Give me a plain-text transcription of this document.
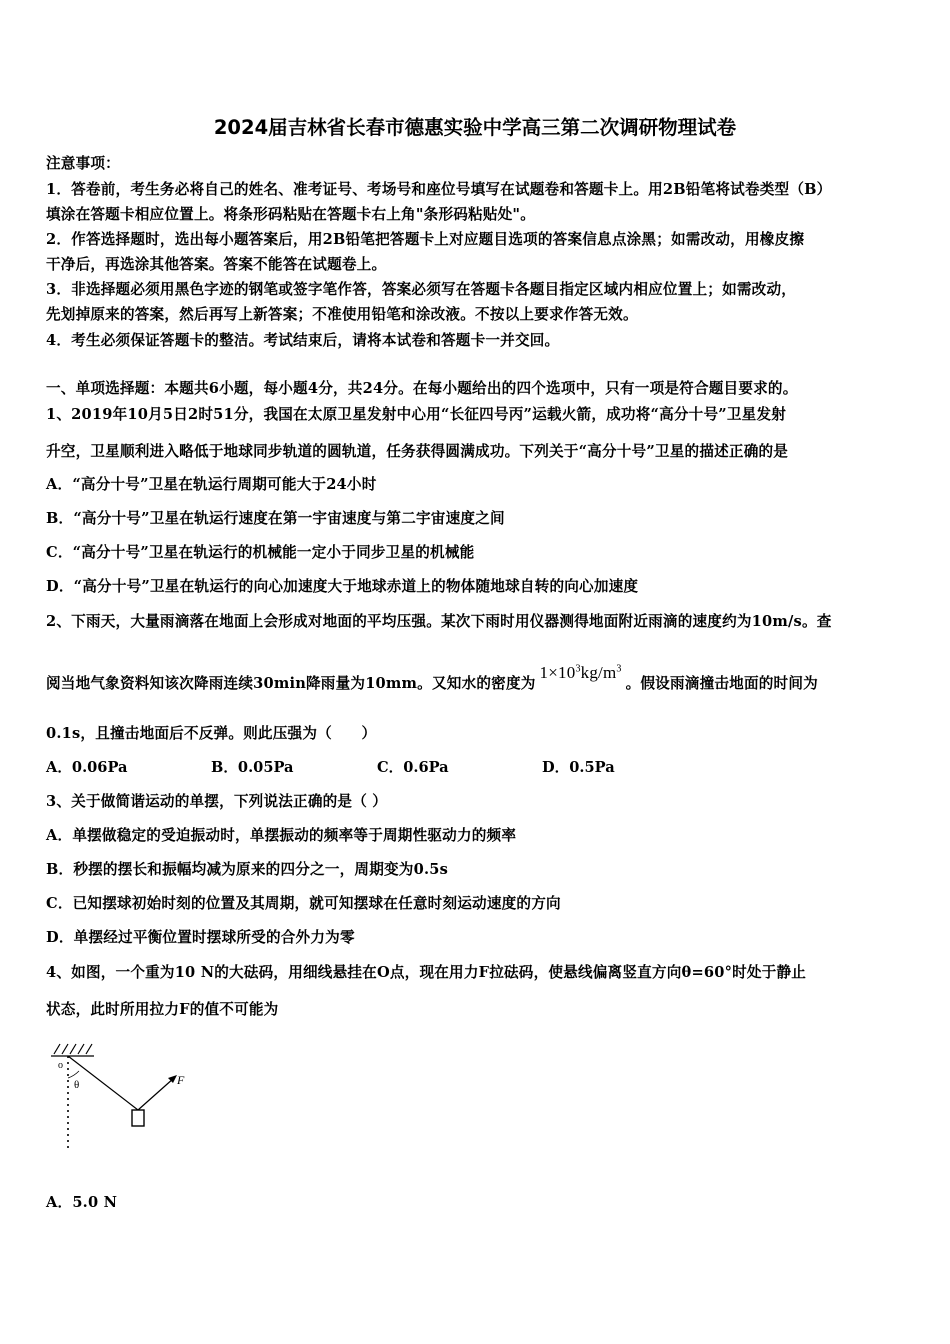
2024届吉林省长春市德惠实验中学高三第二次调研物理试卷
注意事项：
1．答卷前，考生务必将自己的姓名、准考证号、考场号和座位号填写在试题卷和答题卡上。用2B铅笔将试卷类型（B）
填涂在答题卡相应位置上。将条形码粘贴在答题卡右上角"条形码粘贴处"。
2．作答选择题时，选出每小题答案后，用2B铅笔把答题卡上对应题目选项的答案信息点涂黑；如需改动，用橡皮擦
干净后，再选涂其他答案。答案不能答在试题卷上。
3．非选择题必须用黑色字迹的钢笔或签字笔作答，答案必须写在答题卡各题目指定区域内相应位置上；如需改动，
先划掉原来的答案，然后再写上新答案；不准使用铅笔和涂改液。不按以上要求作答无效。
4．考生必须保证答题卡的整洁。考试结束后，请将本试卷和答题卡一并交回。
一、单项选择题：本题共6小题，每小题4分，共24分。在每小题给出的四个选项中，只有一项是符合题目要求的。
1、2019年10月5日2时51分，我国在太原卫星发射中心用“长征四号丙”运载火箭，成功将“高分十号”卫星发射
升空，卫星顺利进入略低于地球同步轨道的圆轨道，任务获得圆满成功。下列关于“高分十号”卫星的描述正确的是
A．“高分十号”卫星在轨运行周期可能大于24小时
B．“高分十号”卫星在轨运行速度在第一宇宙速度与第二宇宙速度之间
C．“高分十号”卫星在轨运行的机械能一定小于同步卫星的机械能
D．“高分十号”卫星在轨运行的向心加速度大于地球赤道上的物体随地球自转的向心加速度
2、下雨天，大量雨滴落在地面上会形成对地面的平均压强。某次下雨时用仪器测得地面附近雨滴的速度约为10m/s。查
阅当地气象资料知该次降雨连续30min降雨量为10mm。又知水的密度为$1\times 10^3kg/m^3$。假设雨滴撞击地面的时间为
0.1s，且撞击地面后不反弹。则此压强为（　　）
A．0.06Pa	B．0.05Pa	C．0.6Pa	D．0.5Pa
3、关于做简谐运动的单摆，下列说法正确的是（ ）
A．单摆做稳定的受迫振动时，单摆振动的频率等于周期性驱动力的频率
B．秒摆的摆长和振幅均减为原来的四分之一，周期变为0.5s
C．已知摆球初始时刻的位置及其周期，就可知摆球在任意时刻运动速度的方向
D．单摆经过平衡位置时摆球所受的合外力为零
4、如图，一个重为10 N的大砝码，用细线悬挂在O点，现在用力F拉砝码，使悬线偏离竖直方向θ=60°时处于静止
状态，此时所用拉力F的值不可能为
o
θ	F
A．5.0 N
